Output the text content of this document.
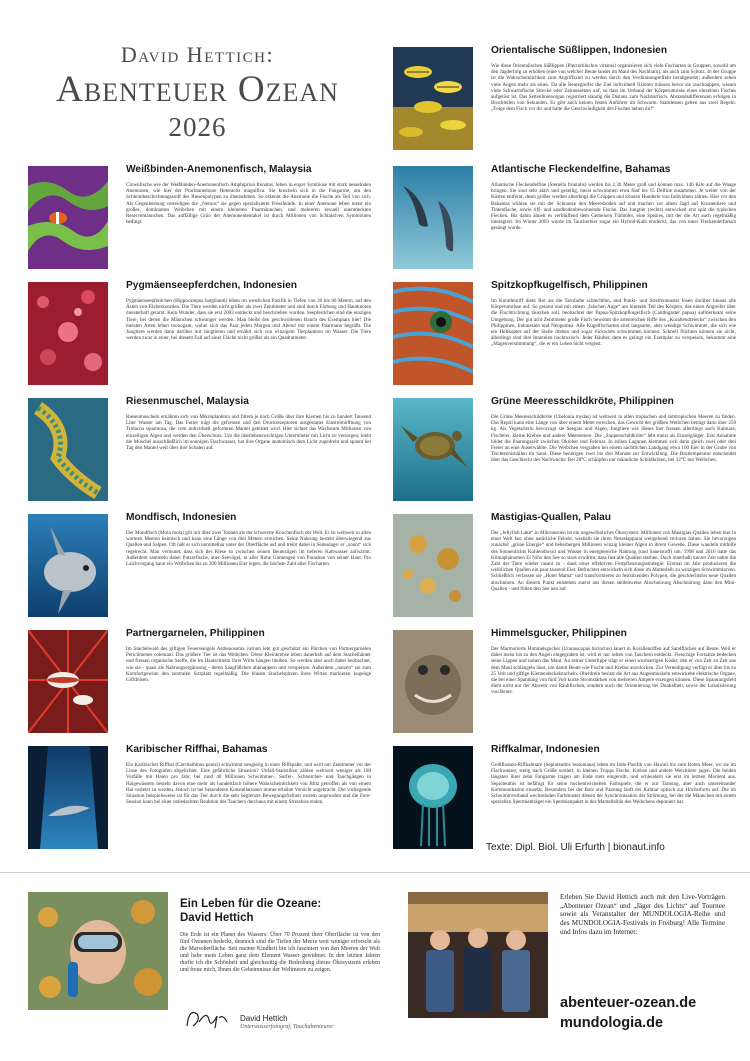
David Hettich:
Abenteuer Ozean
2026
Orientalische Süßlippen, Indonesien

Wie diese Orientalischen Süßlippen (Plectorhinchus vittatus) organisieren sich viele Fischarten in Gruppen, sowohl um den Jagderfolg zu erhöhen (eine von welcher Beute landet im Maul des Nachbarn), als auch zum Schutz. In der Gruppe ist die Wahrscheinlichkeit zum Angriffsziel zu werden durch den Verdünnungseffekt herabgesetzt; außerdem sehen viele Augen mehr als eines. Da alle Beutegreifer die Ziel individuell fixieren müssen bevor sie zuschnappen, wissen viele Schwarmfische Strecke oder Zeitaussetzer auf, so dass im Verband der Körperumrisse eines einzelnen Fisches aufgelöst ist. Das Seitenlinienorgan registriert ständig die Distanz zum Nachbarfisch. Abstandsdifferenzen erfolgen in Bruchteilen von Sekunden. Es gibt auch keinen festen Anführer im Schwarm. Stattdessen gelten aus zwei Regeln: „Folge dem Fisch vor dir und halte die Geschwindigkeit des Fisches neben dir!“

Weißbinden-Anemonenfisch, Malaysia

Clownfische wie der Weißbinden-Anemonenfisch Amphiprion frenatus, leben in enger Symbiose mit stark nesselnden Anemonen, wie hier der Prachtanemone Heteractis magnifica. Sie kuscheln sich in die Fangarme, um den Schleimbeschichtungsstoff des Riesenpolypen zu übernehmen. So erkennt die Anemone die Fische als Teil von sich. Als Gegenleistung verteidigen die „Nemos“ sie gegen spezialisierte Fressfeinde. In einer Anemone leben meist ein großes, dominantes Weibchen mit einem kleineren Paarmännchen, und mehreren sexuell unentdeckten Reservemännchen. Das auffällige Grün der Anemonententakel ist durch Millionen von lichtaktiven Symbionten bedingt.

Atlantische Fleckendelfine, Bahamas

Atlantische Fleckendelfine (Stenella frontalis) werden bis 2,30 Meter groß und können max. 140 Kilo auf die Waage bringen. Sie sind sehr aktiv und gesellig, meist schwimmen etwa fünf bis 15 Delfine zusammen. Je weiter von der Küsten entfernt, desto größer werden allerdings die Gruppen und können Hunderte von Individuen zählen. Hier vor den Bahamas wühlen sie mit der Schnauze den Meeresboden auf und machen vor allem Jagd auf Krustentiere und Tintenfische, sowie riff- und sandbodenbewohnende Fische. Das Jungtier (rechts) entwickelt erst spät die typischen Flecken. Bis dahin ähnelt es verblüffend dem Gemeinen Tümmler, eine Spezies, mit der die Art auch regelmäßig interagiert. Im Winter 2003 wurde im Taucherbier sogar ein Hybrid-Kalb entdeckt, das von einer Fleckendelfinkuh gesäugt wurde.

Pygmäenseepferdchen, Indonesien

Pygmäenseepferdchen (Hippocampus bargibanti) leben im westlichen Pazifik in Tiefen von 20 bis 90 Metern, auf den Ästen von Fächerkorallen. Die Tiere werden nicht größer als zwei Zentimeter und sind durch Färbung und Hautknoten meisterhaft getarnt. Kein Wunder, dass sie erst 2003 entdeckt und beschrieben wurden. Seepferdchen sind die einzigen Tiere, bei denen die Männchen schwanger werden. Man bleibt den geschwollenen Bauch des Exemplars hier! Die meisten Arten leben monogam, wobei sich das Paar jeden Morgen und Abend mit einem Paarmann begrüßt. Die Jungtiere werden dann darüber mit Jungtieren und ernährt sich von winzigem Tierplankton im Wasser. Die Tiere werden zwar in einer, bei diesem Fall auf einer Fläche nicht größer als ein Quadratmeter.

Spitzkopfkugelfisch, Philippinen

Im Korallenriff dient Rot als die Tarnfarbe schlechthin, und Punkt- und Streifenmuster lösen darüber hinaus alle Körperumrisse auf. So getarnt und mit einem „falschen Auge“ am hinteren Teil des Körpers, das einen Angreifer über die Fluchtrichtung täuschen soll, beobachtet der Papua-Spitzkopfkugelfisch (Canthigaster papua) aufmerksam seine Umgebung. Der gut acht Zentimeter große Fisch bewohnt die artenreichen Riffe des „Korallendreiecks“ zwischen den Philippinen, Indonesien und Neuguinea. Alle Kugelfischarten sind langsame, aber wendige Schwimmer, die sich wie ein Helikopter auf der Stelle drehen und sogar rückwärts schwimmen können. Schnell flüchten können sie nicht, allerdings sind ihre Innereien hochtoxisch. Jeder Räuber, dem es gelingt ein Exemplar zu verspeisen, bekommt eine „Magenverstimmung“, die er ein Leben nicht vergisst.

Riesenmuschel, Malaysia

Riesenmuscheln ernähren sich von Mikroplankton und filtern je nach Größe über ihre Kiemen bis zu hundert Tausend Liter Wasser am Tag. Das Futter trägt die gefressen und den Druckrezeptoren ausgestattet Einströmöffnung von Tridacna squamosa, die vom individuell geformten Mantel gebildet wird. Hier sichtet das Wachstum Millionen von einzelligen Algen und werden den Überschuss. Um die überlebenswichtigen Untermieter mit Licht zu versorgen, klebt die Muschel ausschließlich im sonnigen Flachwasser, hat ihre Organe anatomisch dem Licht zugedreht und spannt bei Tag den Mantel weit über ihre Schalen auf.

Grüne Meeresschildkröte, Philippinen

Die Grüne Meeresschildkröte (Chelonia mydas) ist weltweit in allen tropischen und subtropischen Meeren zu finden. Das Reptil kann eine Länge von über einem Meter erreichen, das Gewicht der größten Weibchen beträgt dann über 250 kg. Als Vegetarierin bevorzugt sie Seegras und Algen, Jungtiere wie dieses hier fressen allerdings auch Kalmare, Fischeier, kleine Krebse und andere Meerestiere. Die „Suppenschildkröte“ lebt meist als Einzelgänger. Erst Annahme bildet die Paarungszeit zwischen Oktober und Februar. In stillen Lagunen klemmen sich dann gleich zwei oder drei Freier an eine Auserwählte. Die Weibchen vergraben bei einem nächtlichen Landgang etwa 100 Eier in der Grube von Tischtennisbällen im Sand. Diese benötigen zwei bis drei Monate zur Entwicklung. Die Bruttemperatur entscheidet über das Geschlecht des Nachwuchs: Bei 28°C schlüpfen nur männliche Schildkröten, bei 32°C nur Weibchen.

Mondfisch, Indonesien

Der Mondfisch (Mola mola) gilt mit über zwei Tonnen als der schwerste Knochenfisch der Welt. Er ist weltweit in allen warmen Meeren heimisch und kann eine Länge von drei Metern erreichen. Seine Nahrung besteht überwiegend aus Quallen und Salpen. Oft hält er sich unmittelbar unter der Oberfläche auf und treibt dabei in Seitenlage: er „sonnt“ sich regelrecht. Man vermutet, dass sich der Riese so zwischen seinen Beutezügen im tieferen Kaltwasser aufwärmt. Außerdem sammeln dabei Putzerfische, aber Seevögel, in aller Ruhe Unmengen von Parasiten von seiner Haut. Pro Laichvorgang kann ein Weibchen bis zu 300 Millionen Eier legen, die höchste Zahl aller Fischarten.

Mastigias-Quallen, Palau

Der „Jellyfish Lake“ in Mikronesien ist ein ungewöhnliches Ökosystem: Millionen von Mastigias-Quallen leben hier in einer Welt fast ohne natürliche Feinde, weshalb sie ihren Nesselapparat weitgehend verloren haben. Sie bevorzugen zunächst „grüne Energie“ und beherbergen Millionen winzig kleiner Algen in ihrem Gewebe. Diese wandeln mithilfe des Sonnenlichts Kohlendioxid und Wasser in energiereiche Nahrung (und Sauerstoff) um. 1998 und 2016 hatte das Klimaphänomen El Niño den See so stark erwärmt, dass fast alle Quallen starben. Doch innerhalb kurzer Zeit nahm die Zahl der Tiere wieder rasant zu - dank einer effektiven Fortpflanzungsstrategie: Einmal im Jahr produzieren die weiblichen Quallen ein paar tausend Eier. Befruchtet entwickeln sich diese im Mutterleib zu winzigen Schwimmlarven. Schließlich verlassen sie „Hotel Mama“ und transformieren zu festsitzenden Polypen, die geschlechtslos neue Quallen abschnüren. An diesem Punkt entstehen zuerst aus diesen stellenweise Abschnürung Abschnürung dann den Mini-Quallen - und füllen den See neu auf.

Partnergarnelen, Philippinen

Im Stachelwald des giftigen Feuerseeigels Asthenosoma varium lebt gut geschützt ein Pärchen von Partnergarnelen Periclimenes colemani. Das größere Tier ist das Weibchen. Diese Kleinkrebse leben dauerhaft auf dem Stachelhäuter und fressen organische Stoffe, die im Hautschleim ihrer Wirte hängen bleiben. So werden aber auch dabei beobachtet, wie sie - quasi als Nahrungsergänzung - deren Saugfüßchen abknappern und verspeisen. Außerdem „nutzen“ sie zum Komfortgewinn den zentralen Sitzplatz regelmäßig. Die blauen Stachelspitzen ihres Wirtes markieren kugelige Giftdrüsen.

Himmelsgucker, Philippinen

Der Marmorierte Himmelsgucker (Uranoscopus bicinctus) lauert in Korallenriffen auf Sandflächen auf Beute. Weil er dabei meist bis zu den Augen eingegraben ist, wird er nur selten von Tauchern entdeckt. Fleischige Fortsätze bedecken seine Lippen und tarnen das Maul. An seiner Unterlippe trägt er einen wurmartigen Köder, den er von Zeit zu Zeit aus dem Maul schlängeln lässt, um damit Beute wie Fische und Krebse anzulocken. Zur Verteidigung verfügt er über bis zu 25 Volt und giftige Kiemendeckelstacheln. Oberdrein besitzt die Art aus Augenmuskeln entwickelte elektrische Organe, die bei einer Spannung von fünf Volt kurze Stromstärken von mehreren Ampere erzeugen können. Diese Spannungsfeld dient nicht nur der Abwehr von Raubfischen, sondern auch der Orientierung bei Dunkelheit, sowie der Lokalisierung von Beute.

Karibischer Riffhai, Bahamas

Ein Karibischer Riffhai (Carcharhinus perezi) schwimmt neugierig in einer Riffspalte, und wird nur Zentimeter vor der Linse des Fotografen abgelichtet. Eine gefährliche Situation? Unfall-Statistiken zählen weltweit weniger als 100 Vorfälle mit Haien pro Jahr, bei rund 40 Millionen Schwimmer-, Surfer-, Schnorchel- und Tauchgängen in Haigewässern besteht davon eine mehr als hundertfach höhere Wahrscheinlichkeit von Blitz getroffen als von einem Hai verletzt zu werden. Jedoch ist bei besonderen Konstellationen immer erhöhte Vorsicht angebracht. Die vorliegende Situation beispielsweise ist für das Tier durch die sehr begrenzte Bewegungsfreiheit extrem ungewohnt und die Foto-Session kann bei einer unbedachten Reaktion des Tauchers durchaus mit einem Stressbiss enden.

Riffkalmar, Indonesien

Großflossen-Riffkalmare (Sepioteuthis lessoniana) leben im Indo-Pazifik von Hawaii bis zum Roten Meer, wo sie im Flachwasser, stetig nach Größe sortiert, in kleinen Trupps Fische, Krebse und andere Weichtiere jagen. Die beiden längsten ihrer zehn Fangarme tragen am Ende stets eingerollt, und schleudern sie erst im letzten Moment aus. Sepioteuthis ist befähigt für seine hochentwickelten Farbspiele, die er zur Tarnung, aber auch untereinander Kommunikation einsetzt. Besonders bei der Balz und Paarung läuft der Kalmar optisch zur Höchstform auf. Die im Schwimmverband wechselnden Farbmuster dienen der Synchronisation der Strömung, bei der die Männchen mit einem speziellen Spermienträger ein Spermienpaket in der Mantelhöhle des Weibchens deponiert hat.

Texte: Dipl. Biol. Uli Erfurth | bionaut.info
Ein Leben für die Ozeane:
David Hettich

Die Erde ist ein Planet des Wassers: Über 70 Prozent ihrer Oberfläche ist von den fünf Ozeanen bedeckt, dennoch sind die Tiefen der Meere weit weniger erforscht als die Marsoberfläche. Seit meiner Kindheit bin ich fasziniert von den Meeren der Welt und habe mein Leben ganz dem Element Wasser gewidmet. In den letzten Jahren durfte ich die Schönheit und gleichzeitig die Bedrohung dieses Ökosystems erleben und freue mich, Ihnen die Geheimnisse der Weltmeere zu zeigen.

David Hettich
Unterwasserfotograf, Tauchabenteurer

Erleben Sie David Hettich auch mit den Live-Vorträgen „Abenteuer Ozean“ und „Jäger des Lichts“ auf Tournee sowie als Veranstalter der MUNDOLOGIA-Reihe und des MUNDOLOGIA-Festivals in Freiburg! Alle Termine und Infos dazu im Internet:

abenteuer-ozean.de
mundologia.de
